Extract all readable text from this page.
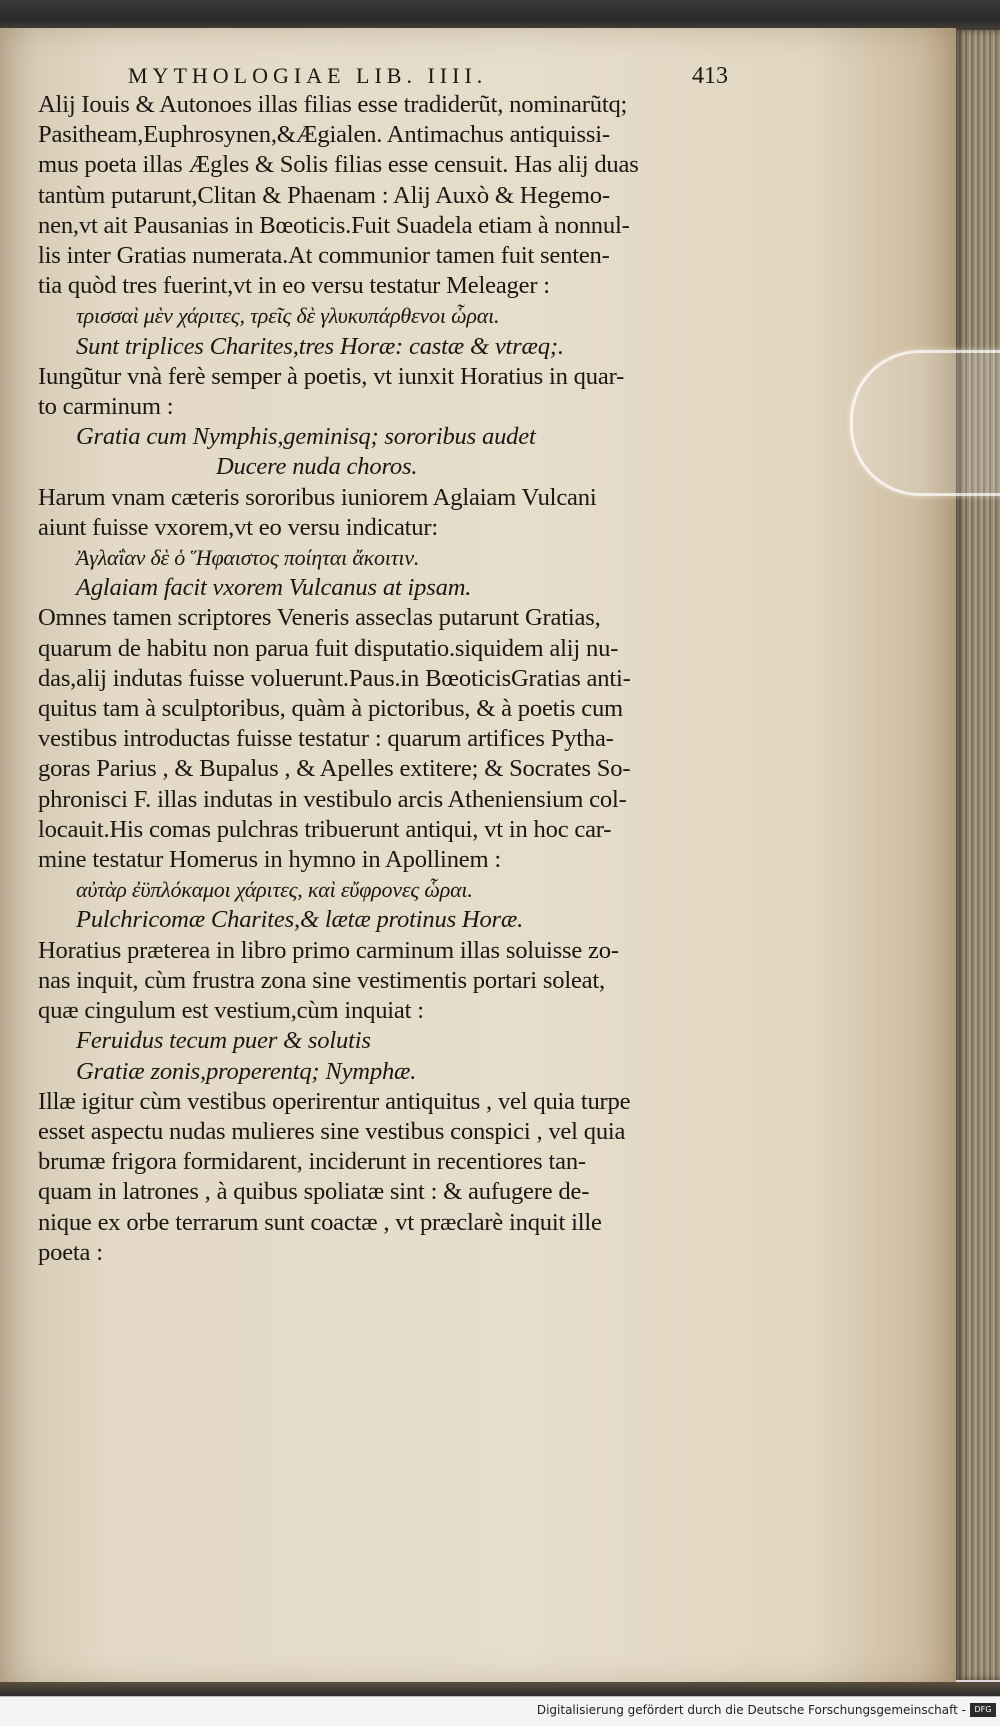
MYTHOLOGIAE LIB. IIII.	413
Alij Iouis & Autonoes illas filias esse tradiderũt, nominarũtq;
Pasitheam,Euphrosynen,&Ægialen. Antimachus antiquissi-
mus poeta illas Ægles & Solis filias esse censuit. Has alij duas
tantùm putarunt,Clitan & Phaenam : Alij Auxò & Hegemo-
nen,vt ait Pausanias in Bœoticis.Fuit Suadela etiam à nonnul-
lis inter Gratias numerata.At communior tamen fuit senten-
tia quòd tres fuerint,vt in eo versu testatur Meleager :
τρισσαὶ μὲν χάριτες, τρεῖς δὲ γλυκυπάρθενοι ὧραι.
Sunt triplices Charites,tres Horæ: castæ & vtræq;.
Iungũtur vnà ferè semper à poetis, vt iunxit Horatius in quar-
to carminum :
Gratia cum Nymphis,geminisq; sororibus audet
Ducere nuda choros.
Harum vnam cæteris sororibus iuniorem Aglaiam Vulcani
aiunt fuisse vxorem,vt eo versu indicatur:
Ἀγλαΐαν δὲ ὁ Ἥφαιστος ποίηται ἄκοιτιν.
Aglaiam facit vxorem Vulcanus at ipsam.
Omnes tamen scriptores Veneris asseclas putarunt Gratias,
quarum de habitu non parua fuit disputatio.siquidem alij nu-
das,alij indutas fuisse voluerunt.Paus.in BœoticisGratias anti-
quitus tam à sculptoribus, quàm à pictoribus, & à poetis cum
vestibus introductas fuisse testatur : quarum artifices Pytha-
goras Parius , & Bupalus , & Apelles extitere; & Socrates So-
phronisci F. illas indutas in vestibulo arcis Atheniensium col-
locauit.His comas pulchras tribuerunt antiqui, vt in hoc car-
mine testatur Homerus in hymno in Apollinem :
αὐτὰρ ἐϋπλόκαμοι χάριτες, καὶ εὔφρονες ὧραι.
Pulchricomæ Charites,& lætæ protinus Horæ.
Horatius præterea in libro primo carminum illas soluisse zo-
nas inquit, cùm frustra zona sine vestimentis portari soleat,
quæ cingulum est vestium,cùm inquiat :
Feruidus tecum puer & solutis
Gratiæ zonis,properentq; Nymphæ.
Illæ igitur cùm vestibus operirentur antiquitus , vel quia turpe
esset aspectu nudas mulieres sine vestibus conspici , vel quia
brumæ frigora formidarent, inciderunt in recentiores tan-
quam in latrones , à quibus spoliatæ sint : & aufugere de-
nique ex orbe terrarum sunt coactæ , vt præclarè inquit ille
poeta :
Digitalisierung gefördert durch die Deutsche Forschungsgemeinschaft -	DFG
